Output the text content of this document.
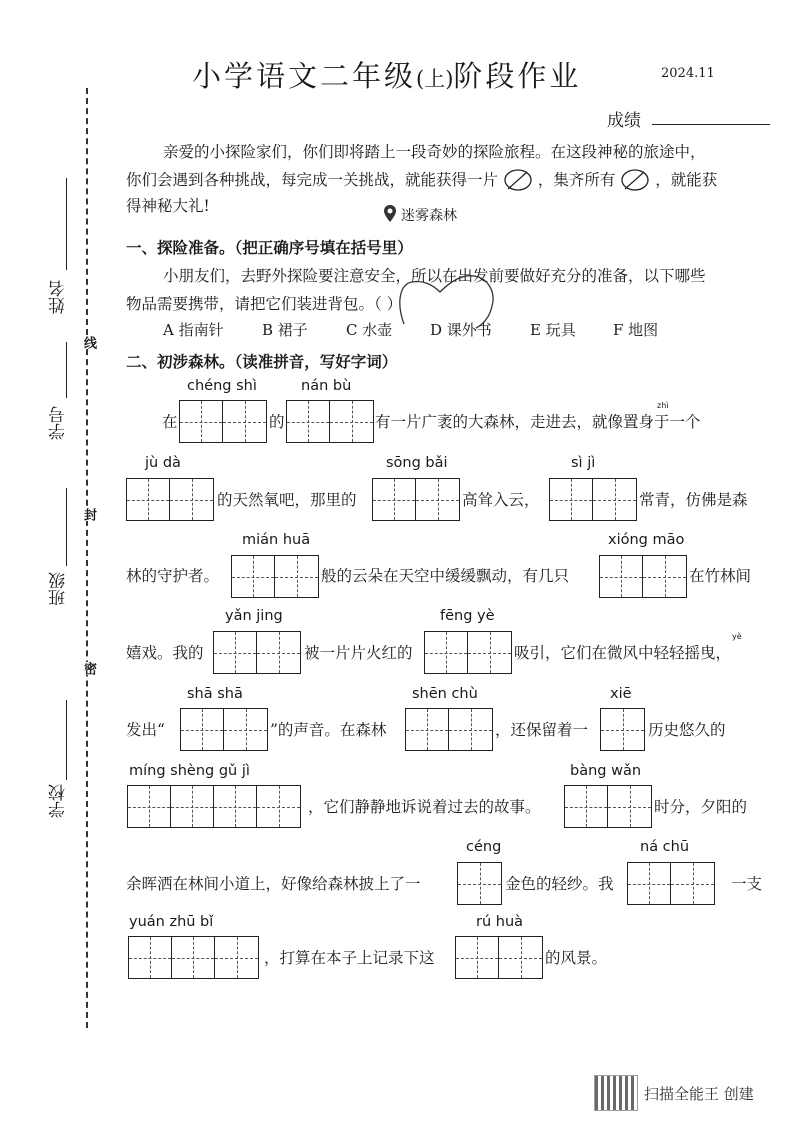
线
封
密
姓名
学号
班级
学校
小学语文二年级(上)阶段作业	2024.11
成绩
亲爱的小探险家们，你们即将踏上一段奇妙的探险旅程。在这段神秘的旅途中，
你们会遇到各种挑战，每完成一关挑战，就能获得一片	，集齐所有	，就能获
得神秘大礼!
迷雾森林
一、探险准备。（把正确序号填在括号里）
小朋友们，去野外探险要注意安全，所以在出发前要做好充分的准备，以下哪些
物品需要携带，请把它们装进背包。（ ）
A 指南针	B 裙子	C 水壶	D 课外书	E 玩具 F 地图
二、初涉森林。（读准拼音，写好字词）
chéng shì	nán bù
zhì
在	的	有一片广袤的大森林，走进去，就像置身于一个
jù dà	sōng bǎi	sì jì
的天然氧吧，那里的	高耸入云，	常青，仿佛是森
mián huā	xióng māo
林的守护者。	般的云朵在天空中缓缓飘动，有几只	在竹林间
yǎn jing	fēng yè
yè
嬉戏。我的	被一片片火红的	吸引，它们在微风中轻轻摇曳，
shā shā	shēn chù	xiē
发出“	”的声音。在森林	，还保留着一	历史悠久的
míng shèng gǔ jì	bàng wǎn
，它们静静地诉说着过去的故事。	时分，夕阳的
céng	ná chū
余晖洒在林间小道上，好像给森林披上了一	金色的轻纱。我	一支
yuán zhū bǐ	rú huà
，打算在本子上记录下这	的风景。
扫描全能王 创建
